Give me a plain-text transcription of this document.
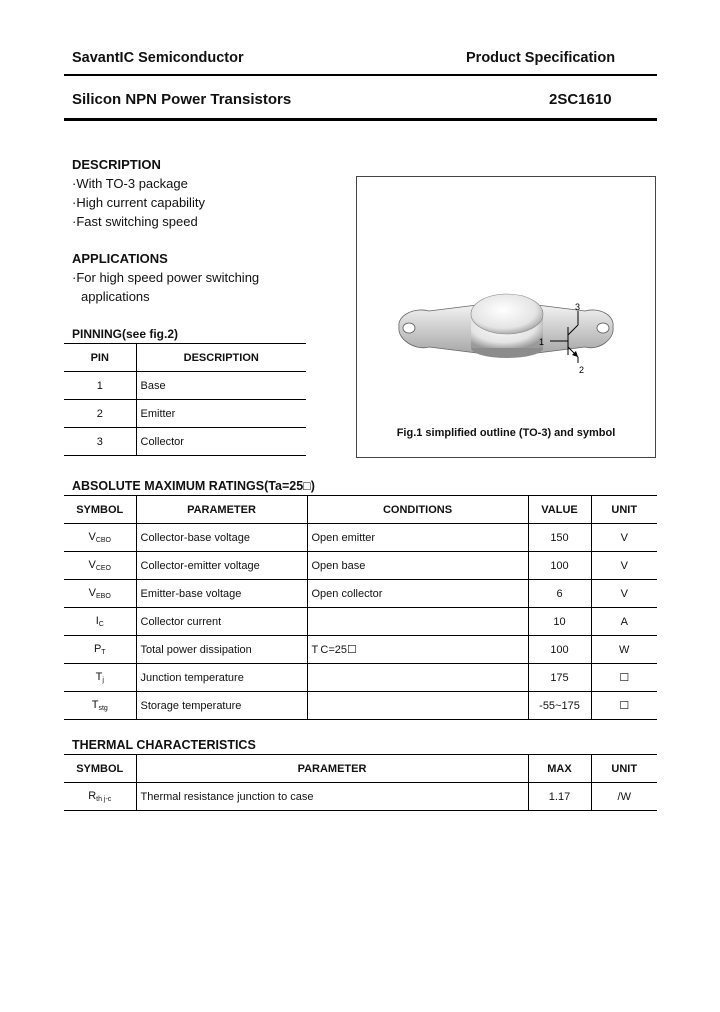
SavantIC Semiconductor	Product Specification
Silicon NPN Power Transistors	2SC1610
DESCRIPTION
·With TO-3 package
·High current capability
·Fast switching speed
APPLICATIONS
·For high speed power switching
applications
PINNING(see fig.2)
PIN	DESCRIPTION
1	Base
2	Emitter
3	Collector
1
2
3
Fig.1 simplified outline (TO-3) and symbol
ABSOLUTE MAXIMUM RATINGS(Ta=25□)
SYMBOL	PARAMETER	CONDITIONS	VALUE	UNIT
$V_{CBO}$	Collector-base voltage	Open emitter	150	V
$V_{CEO}$	Collector-emitter voltage	Open base	100	V
$V_{EBO}$	Emitter-base voltage	Open collector	6	V
$I_C$	Collector current		10	A
$P_T$	Total power dissipation	T C=25☐	100	W
$T_j$	Junction temperature		175	☐
$T_{stg}$	Storage temperature		-55~175	☐
THERMAL CHARACTERISTICS
SYMBOL	PARAMETER	MAX	UNIT
$R_{th j-c}$	Thermal resistance junction to case	1.17	/W
